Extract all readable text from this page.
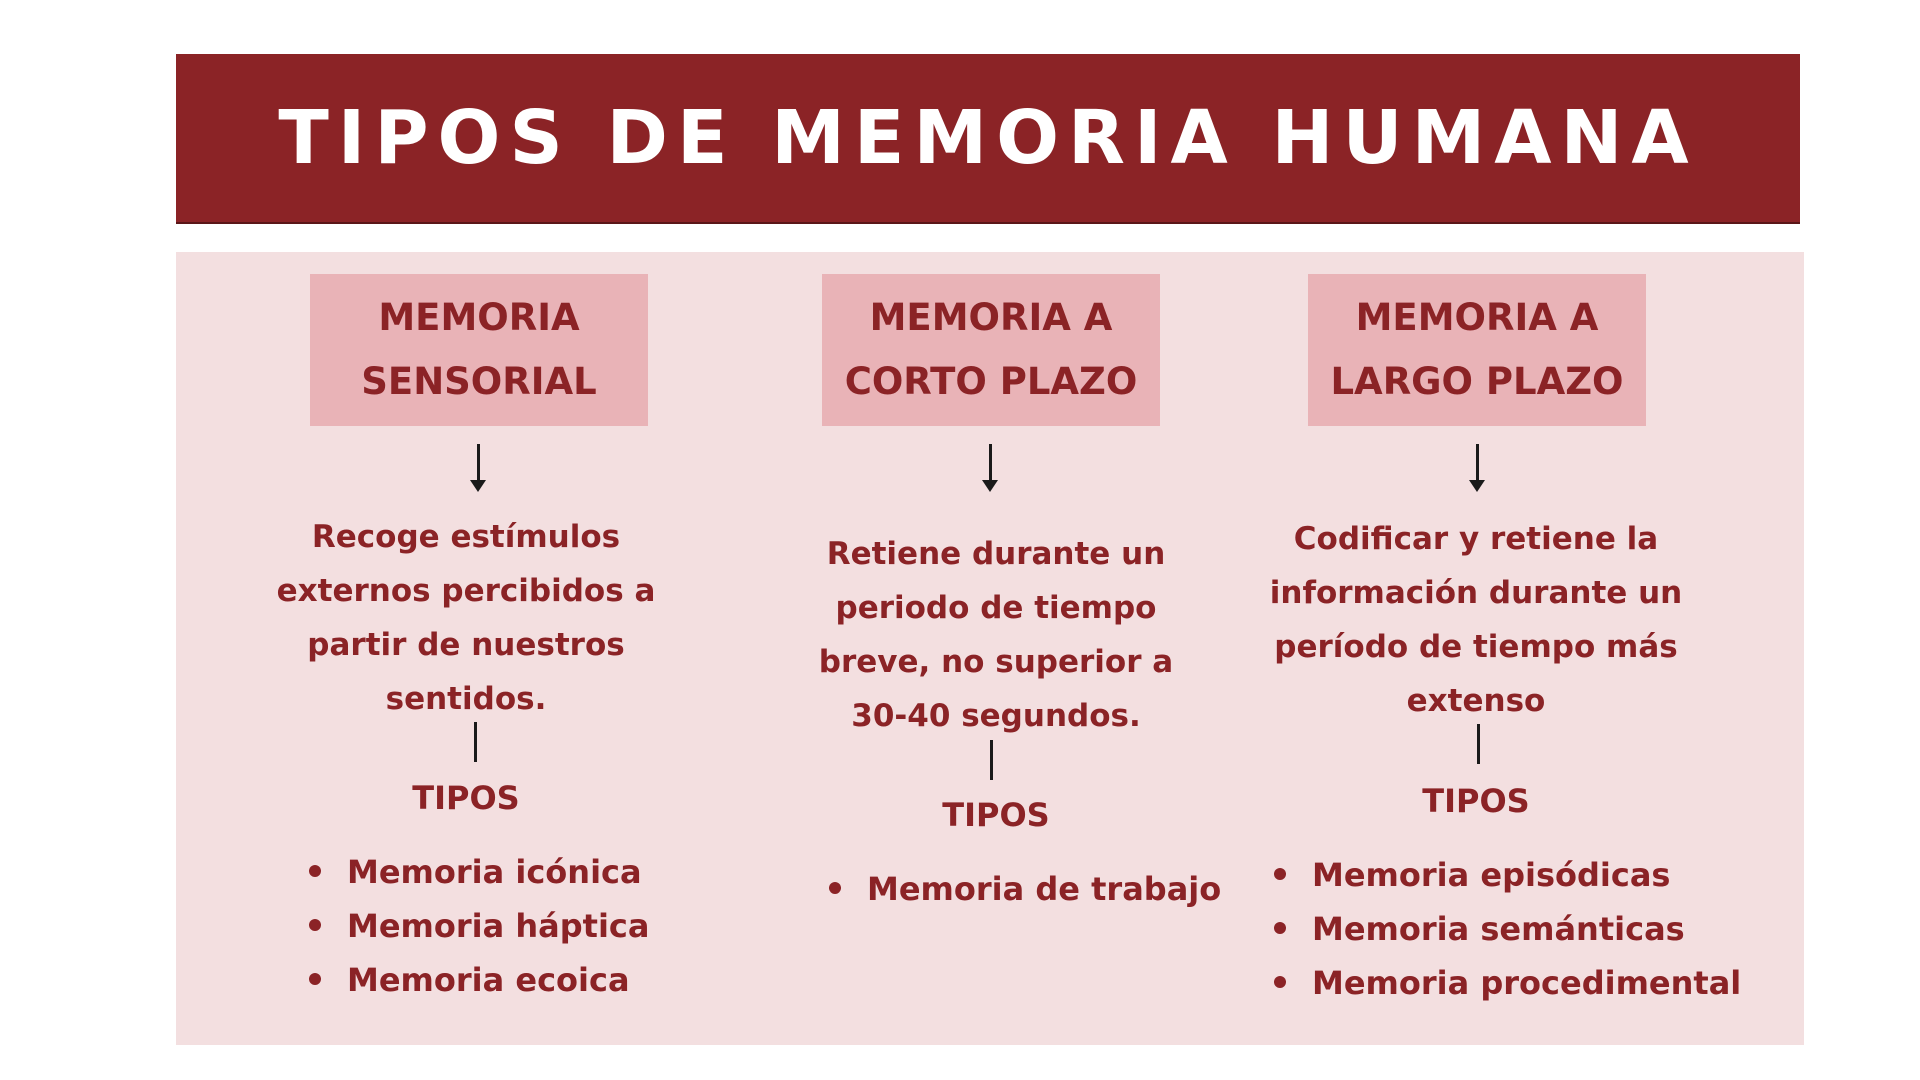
TIPOS DE MEMORIA HUMANA
MEMORIA
SENSORIAL
Recoge estímulos
externos percibidos a
partir de nuestros
sentidos.
TIPOS
Memoria icónica
Memoria háptica
Memoria ecoica
MEMORIA A
CORTO PLAZO
Retiene durante un
periodo de tiempo
breve, no superior a
30-40 segundos.
TIPOS
Memoria de trabajo
MEMORIA A
LARGO PLAZO
Codificar y retiene la
información durante un
período de tiempo más
extenso
TIPOS
Memoria episódicas
Memoria semánticas
Memoria procedimental
